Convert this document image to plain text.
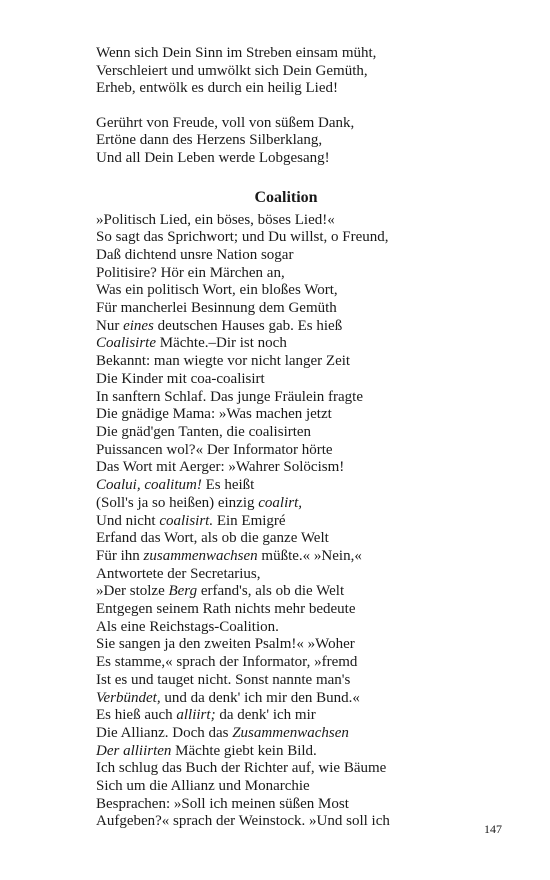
Wenn sich Dein Sinn im Streben einsam müht,
Verschleiert und umwölkt sich Dein Gemüth,
Erheb, entwölk es durch ein heilig Lied!
Gerührt von Freude, voll von süßem Dank,
Ertöne dann des Herzens Silberklang,
Und all Dein Leben werde Lobgesang!
Coalition
»Politisch Lied, ein böses, böses Lied!«
So sagt das Sprichwort; und Du willst, o Freund,
Daß dichtend unsre Nation sogar
Politisire? Hör ein Märchen an,
Was ein politisch Wort, ein bloßes Wort,
Für mancherlei Besinnung dem Gemüth
Nur eines deutschen Hauses gab. Es hieß
Coalisirte Mächte.–Dir ist noch
Bekannt: man wiegte vor nicht langer Zeit
Die Kinder mit coa-coalisirt
In sanftern Schlaf. Das junge Fräulein fragte
Die gnädige Mama: »Was machen jetzt
Die gnäd'gen Tanten, die coalisirten
Puissancen wol?« Der Informator hörte
Das Wort mit Aerger: »Wahrer Solöcism!
Coalui, coalitum! Es heißt
(Soll's ja so heißen) einzig coalirt,
Und nicht coalisirt. Ein Emigré
Erfand das Wort, als ob die ganze Welt
Für ihn zusammenwachsen müßte.« »Nein,«
Antwortete der Secretarius,
»Der stolze Berg erfand's, als ob die Welt
Entgegen seinem Rath nichts mehr bedeute
Als eine Reichstags-Coalition.
Sie sangen ja den zweiten Psalm!« »Woher
Es stamme,« sprach der Informator, »fremd
Ist es und tauget nicht. Sonst nannte man's
Verbündet, und da denk' ich mir den Bund.«
Es hieß auch alliirt; da denk' ich mir
Die Allianz. Doch das Zusammenwachsen
Der alliirten Mächte giebt kein Bild.
Ich schlug das Buch der Richter auf, wie Bäume
Sich um die Allianz und Monarchie
Besprachen: »Soll ich meinen süßen Most
Aufgeben?« sprach der Weinstock. »Und soll ich	147
